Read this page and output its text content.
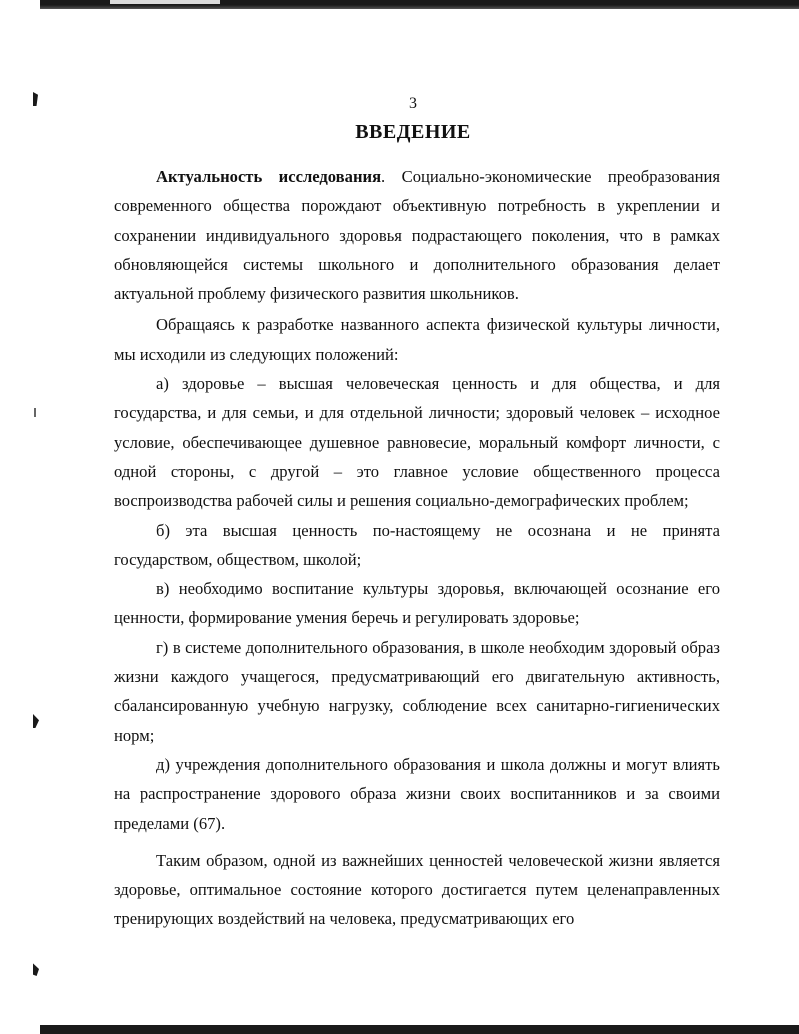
3
ВВЕДЕНИЕ

Актуальность исследования. Социально-экономические преобразования современного общества порождают объективную потребность в укреплении и сохранении индивидуального здоровья подрастающего поколения, что в рамках обновляющейся системы школьного и дополнительного образования делает актуальной проблему физического развития школьников.

Обращаясь к разработке названного аспекта физической культуры личности, мы исходили из следующих положений:

а) здоровье – высшая человеческая ценность и для общества, и для государства, и для семьи, и для отдельной личности; здоровый человек – исходное условие, обеспечивающее душевное равновесие, моральный комфорт личности, с одной стороны, с другой – это главное условие общественного процесса воспроизводства рабочей силы и решения социально-демографических проблем;

б) эта высшая ценность по-настоящему не осознана и не принята государством, обществом, школой;

в) необходимо воспитание культуры здоровья, включающей осознание его ценности, формирование умения беречь и регулировать здоровье;

г) в системе дополнительного образования, в школе необходим здоровый образ жизни каждого учащегося, предусматривающий его двигательную активность, сбалансированную учебную нагрузку, соблюдение всех санитарно-гигиенических норм;

д) учреждения дополнительного образования и школа должны и могут влиять на распространение здорового образа жизни своих воспитанников и за своими пределами (67).

Таким образом, одной из важнейших ценностей человеческой жизни является здоровье, оптимальное состояние которого достигается путем целенаправленных тренирующих воздействий на человека, предусматривающих его
